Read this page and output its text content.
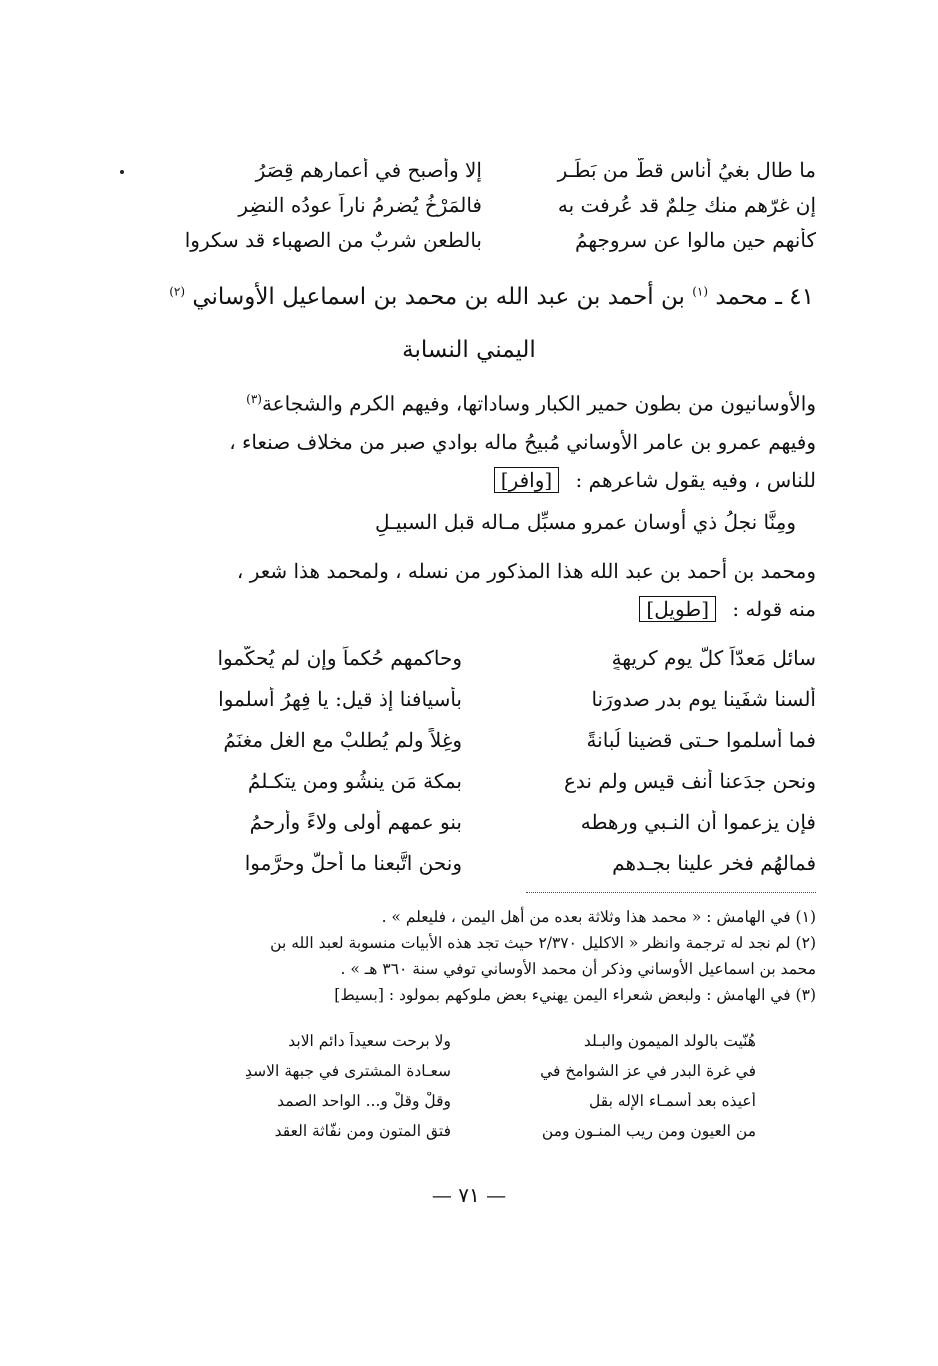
ما طال بغيُ أُناسٍ قطُّ من بَطَـر
إلا وأصبح في أعمارهم قِصَرُ
إن غرّهم منك حِلمٌ قد عُرفت به
فالمَرْخُ يُضرمُ ناراً عودُه النضِر
كأنهم حين مالوا عن سروجهمُ
بالطعن شربٌ من الصهباء قد سكروا
٤١ ـ محمد $^{(١)}$ بن أحمد بن عبد الله بن محمد بن اسماعيل الأوساني $^{(٢)}$
اليمني النسابة
والأوسانيون من بطون حمير الكبار وساداتها، وفيهم الكرم والشجاعة$^{(٣)}$
وفيهم عمرو بن عامر الأوساني مُبيحُ ماله بوادي صبر من مخلاف صنعاء ،
للناس ، وفيه يقول شاعرهم : [وافر]
ومِنَّا نجلُ ذي أوسان عمرو مسبِّل مـاله قبل السبيـلِ
ومحمد بن أحمد بن عبد الله هذا المذكور من نسله ، ولمحمد هذا شعر ،
منه قوله : [طويل]
سائل مَعدّاً كلَّ يوم كريهةٍ
وحاكمهم حُكماً وإن لم يُحكّموا
ألسنا شفَينا يوم بدرٍ صدورَنا
بأسيافنا إذ قيل: يا فِهرُ أسلموا
فما أسلموا حـتى قضينا لُبانةً
وغِلاً ولم يُطلبْ مع الغل مغنَمُ
ونحن جدَعنا أنف قيسٍ ولم ندع
بمكة مَن ينشُو ومن يتكـلمُ
فإن يزعموا أن النـبي ورهطه
بنو عمهم أولى ولاءً وأرحمُ
فمالهُم فخر علينا بجـدهم
ونحن اتَّبعنا ما أحلَّ وحرَّموا
(١) في الهامش : « محمد هذا وثلاثة بعده من أهل اليمن ، فليعلم » .
(٢) لم نجد له ترجمة وانظر « الاكليل ٢/٣٧٠ حيث تجد هذه الأبيات منسوبة لعبد الله بن
محمد بن اسماعيل الأوساني وذكر أن محمد الأوساني توفي سنة ٣٦٠ هـ » .
(٣) في الهامش : ولبعض شعراء اليمن يهنيء بعض ملوكهم بمولود : [بسيط]
هُنّيت بالولد الميمون والبـلد
ولا برحت سعيداً دائم الابد
في غرة البدر في عز الشوامخ في
سعـادة المشترى في جبهة الاسدِ
أعيذه بعد أسمـاء الإله بقل
وقلْ وقلْ و... الواحد الصمد
من العيون ومن ريب المنـون ومن
فتق المتون ومن نفّاثة العقد
— ٧١ —
